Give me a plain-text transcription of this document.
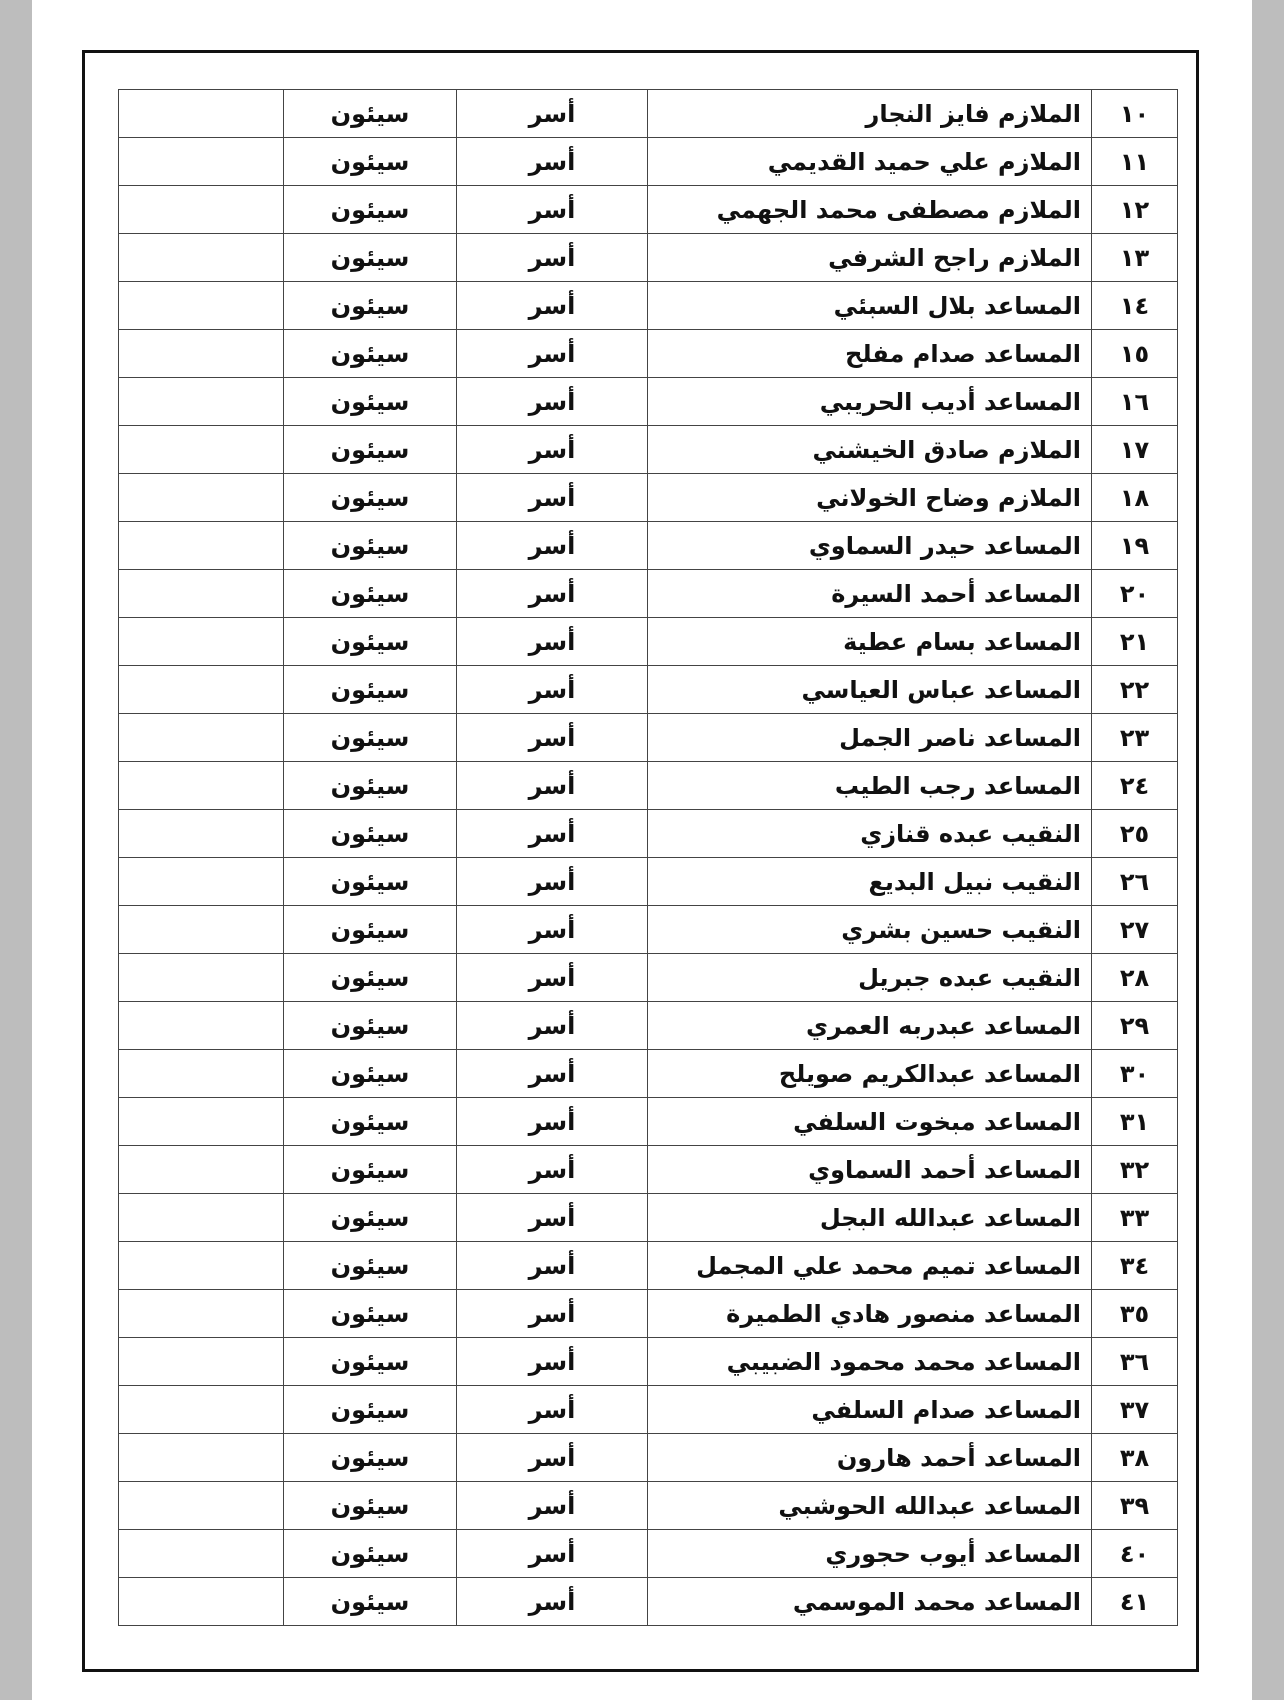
١٠	الملازم فايز النجار	أسر	سيئون	
١١	الملازم علي حميد القديمي	أسر	سيئون	
١٢	الملازم مصطفى محمد الجهمي	أسر	سيئون	
١٣	الملازم راجح الشرفي	أسر	سيئون	
١٤	المساعد بلال السبئي	أسر	سيئون	
١٥	المساعد صدام مفلح	أسر	سيئون	
١٦	المساعد أديب الحريبي	أسر	سيئون	
١٧	الملازم صادق الخيشني	أسر	سيئون	
١٨	الملازم وضاح الخولاني	أسر	سيئون	
١٩	المساعد حيدر السماوي	أسر	سيئون	
٢٠	المساعد أحمد السيرة	أسر	سيئون	
٢١	المساعد بسام عطية	أسر	سيئون	
٢٢	المساعد عباس العياسي	أسر	سيئون	
٢٣	المساعد ناصر الجمل	أسر	سيئون	
٢٤	المساعد رجب الطيب	أسر	سيئون	
٢٥	النقيب عبده قنازي	أسر	سيئون	
٢٦	النقيب نبيل البديع	أسر	سيئون	
٢٧	النقيب حسين بشري	أسر	سيئون	
٢٨	النقيب عبده جبريل	أسر	سيئون	
٢٩	المساعد عبدربه العمري	أسر	سيئون	
٣٠	المساعد عبدالكريم صويلح	أسر	سيئون	
٣١	المساعد مبخوت السلفي	أسر	سيئون	
٣٢	المساعد أحمد السماوي	أسر	سيئون	
٣٣	المساعد عبدالله البجل	أسر	سيئون	
٣٤	المساعد تميم محمد علي المجمل	أسر	سيئون	
٣٥	المساعد منصور هادي الطميرة	أسر	سيئون	
٣٦	المساعد محمد محمود الضبيبي	أسر	سيئون	
٣٧	المساعد صدام السلفي	أسر	سيئون	
٣٨	المساعد أحمد هارون	أسر	سيئون	
٣٩	المساعد عبدالله الحوشبي	أسر	سيئون	
٤٠	المساعد أيوب حجوري	أسر	سيئون	
٤١	المساعد محمد الموسمي	أسر	سيئون	
